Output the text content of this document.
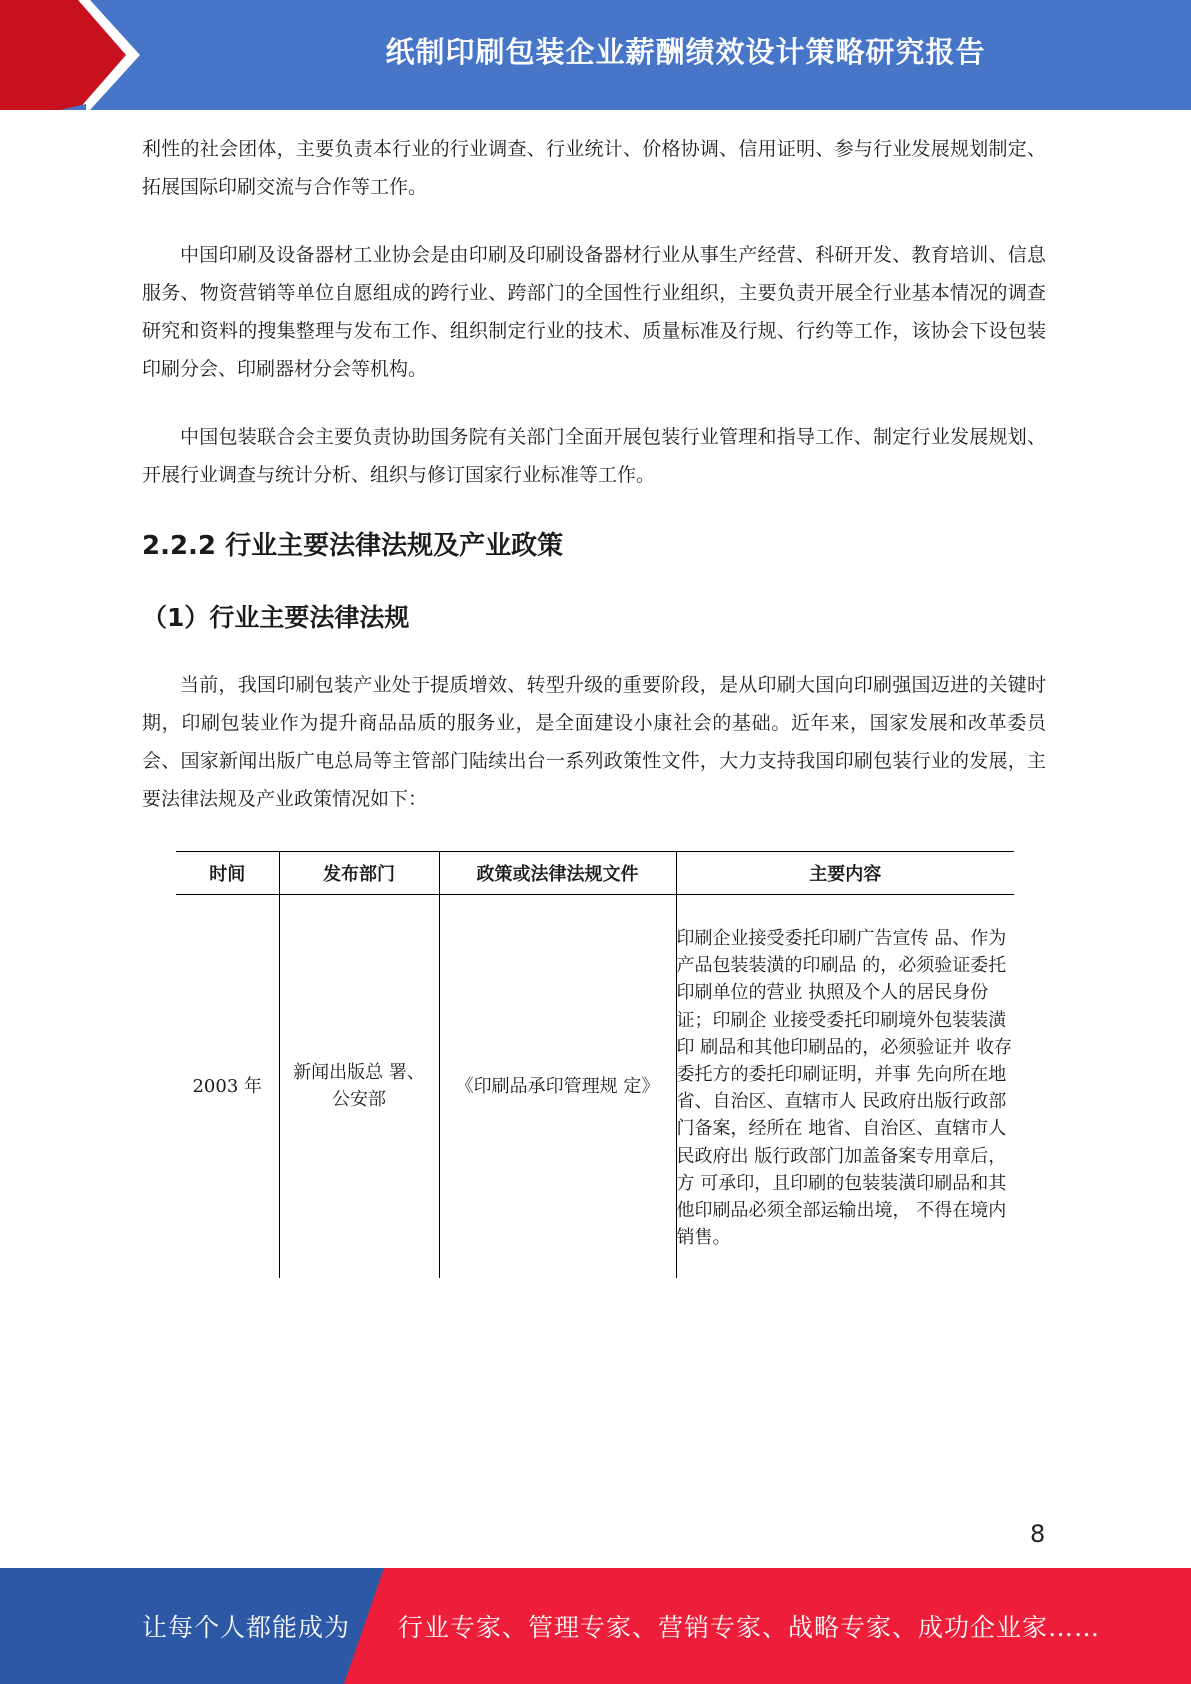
纸制印刷包装企业薪酬绩效设计策略研究报告

利性的社会团体，主要负责本行业的行业调查、行业统计、价格协调、信用证明、参与行业发展规划制定、拓展国际印刷交流与合作等工作。

中国印刷及设备器材工业协会是由印刷及印刷设备器材行业从事生产经营、科研开发、教育培训、信息服务、物资营销等单位自愿组成的跨行业、跨部门的全国性行业组织，主要负责开展全行业基本情况的调查研究和资料的搜集整理与发布工作、组织制定行业的技术、质量标准及行规、行约等工作，该协会下设包装印刷分会、印刷器材分会等机构。

中国包装联合会主要负责协助国务院有关部门全面开展包装行业管理和指导工作、制定行业发展规划、开展行业调查与统计分析、组织与修订国家行业标准等工作。

2.2.2 行业主要法律法规及产业政策
（1）行业主要法律法规

当前，我国印刷包装产业处于提质增效、转型升级的重要阶段，是从印刷大国向印刷强国迈进的关键时期，印刷包装业作为提升商品品质的服务业，是全面建设小康社会的基础。近年来，国家发展和改革委员会、国家新闻出版广电总局等主管部门陆续出台一系列政策性文件，大力支持我国印刷包装行业的发展，主要法律法规及产业政策情况如下：

时间	发布部门	政策或法律法规文件	主要内容
2003 年	新闻出版总 署、公安部	《印刷品承印管理规 定》	印刷企业接受委托印刷广告宣传 品、作为产品包装装潢的印刷品 的，必须验证委托印刷单位的营业 执照及个人的居民身份证；印刷企 业接受委托印刷境外包装装潢印 刷品和其他印刷品的，必须验证并 收存委托方的委托印刷证明，并事 先向所在地省、自治区、直辖市人 民政府出版行政部门备案，经所在 地省、自治区、直辖市人民政府出 版行政部门加盖备案专用章后，方 可承印，且印刷的包装装潢印刷品和其他印刷品必须全部运输出境， 不得在境内销售。
8
让每个人都能成为 行业专家、管理专家、营销专家、战略专家、成功企业家……
